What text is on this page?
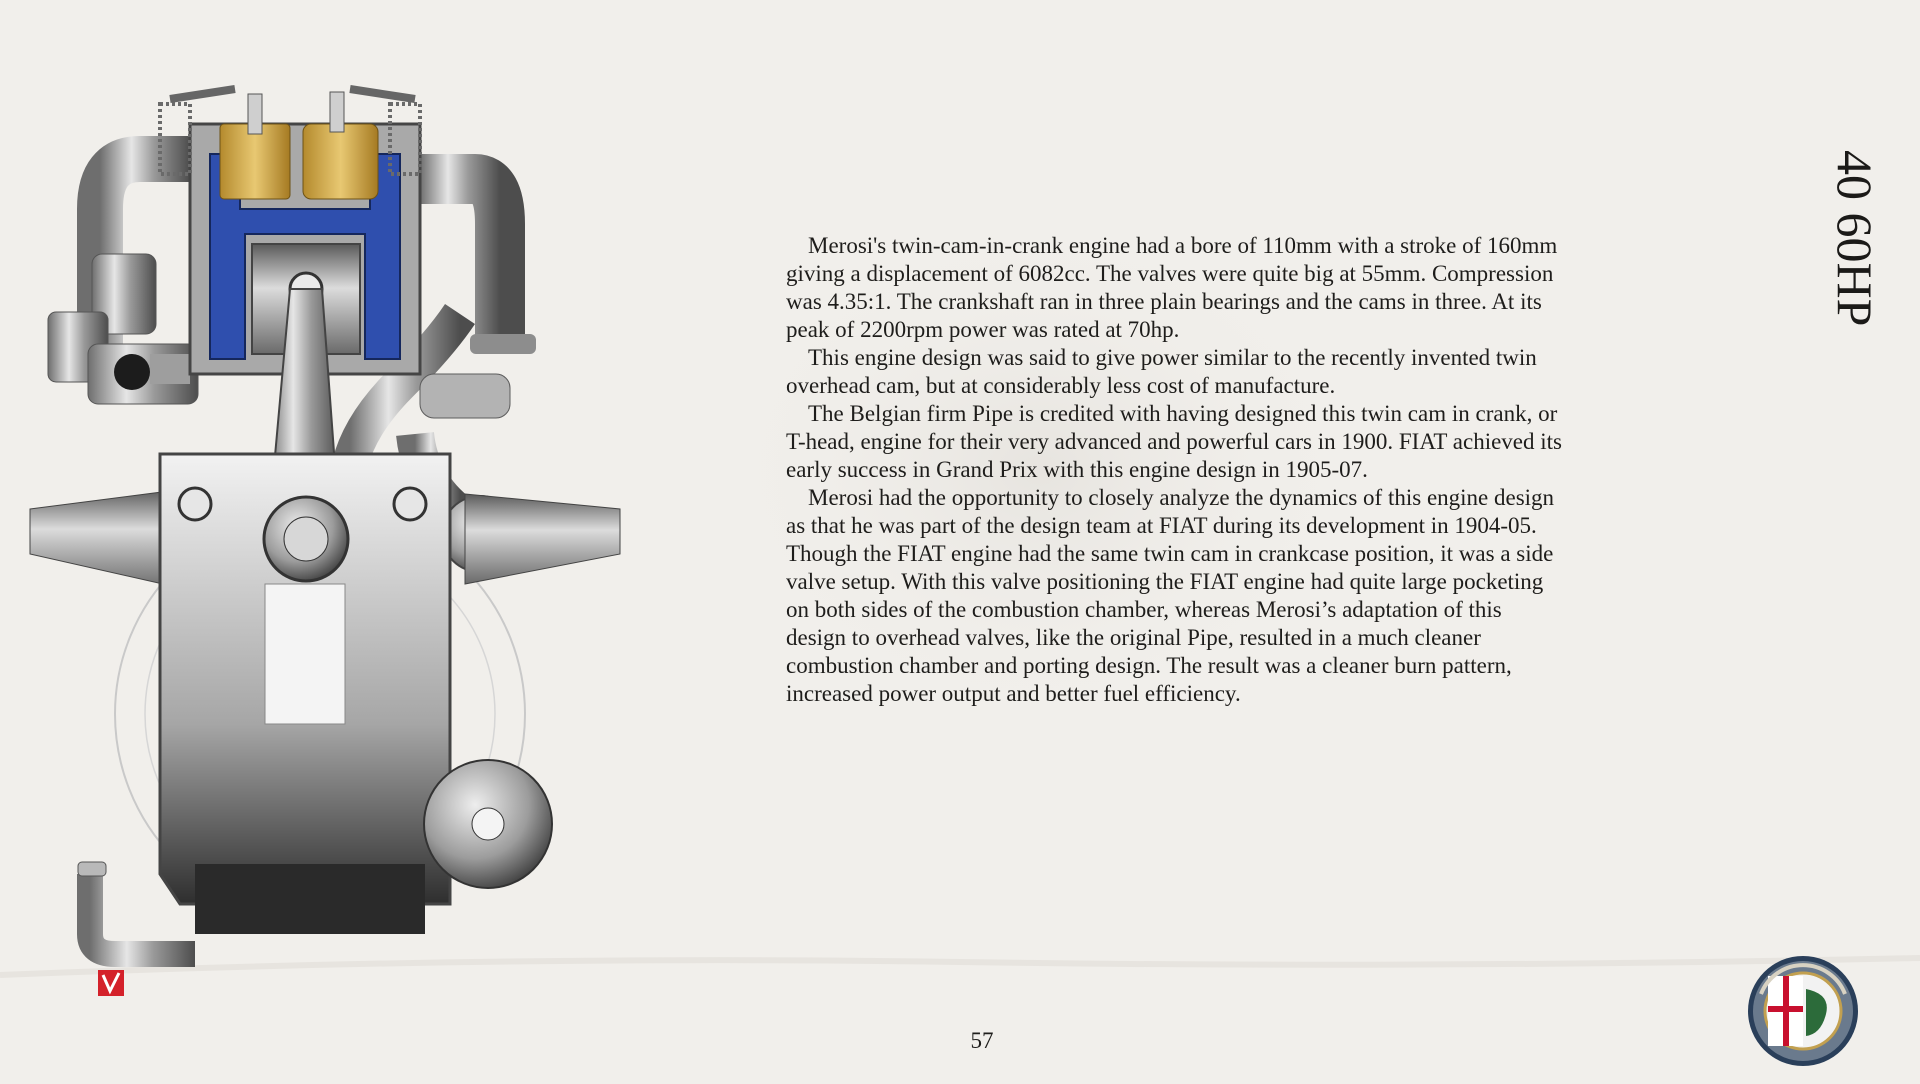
Merosi's twin-cam-in-crank engine had a bore of 110mm with a stroke of 160mm giving a displacement of 6082cc. The valves were quite big at 55mm. Compression was 4.35:1. The crankshaft ran in three plain bearings and the cams in three. At its peak of 2200rpm power was rated at 70hp.

This engine design was said to give power similar to the recently invented twin overhead cam, but at considerably less cost of manufacture.

The Belgian firm Pipe is credited with having designed this twin cam in crank, or T-head, engine for their very advanced and powerful cars in 1900. FIAT achieved its early success in Grand Prix with this engine design in 1905-07.

Merosi had the opportunity to closely analyze the dynamics of this engine design as that he was part of the design team at FIAT during its development in 1904-05. Though the FIAT engine had the same twin cam in crankcase position, it was a side valve setup. With this valve positioning the FIAT engine had quite large pocketing on both sides of the combustion chamber, whereas Merosi’s adaptation of this design to overhead valves, like the original Pipe, resulted in a much cleaner combustion chamber and porting design. The result was a cleaner burn pattern, increased power output and better fuel efficiency.

40 60HP
57
